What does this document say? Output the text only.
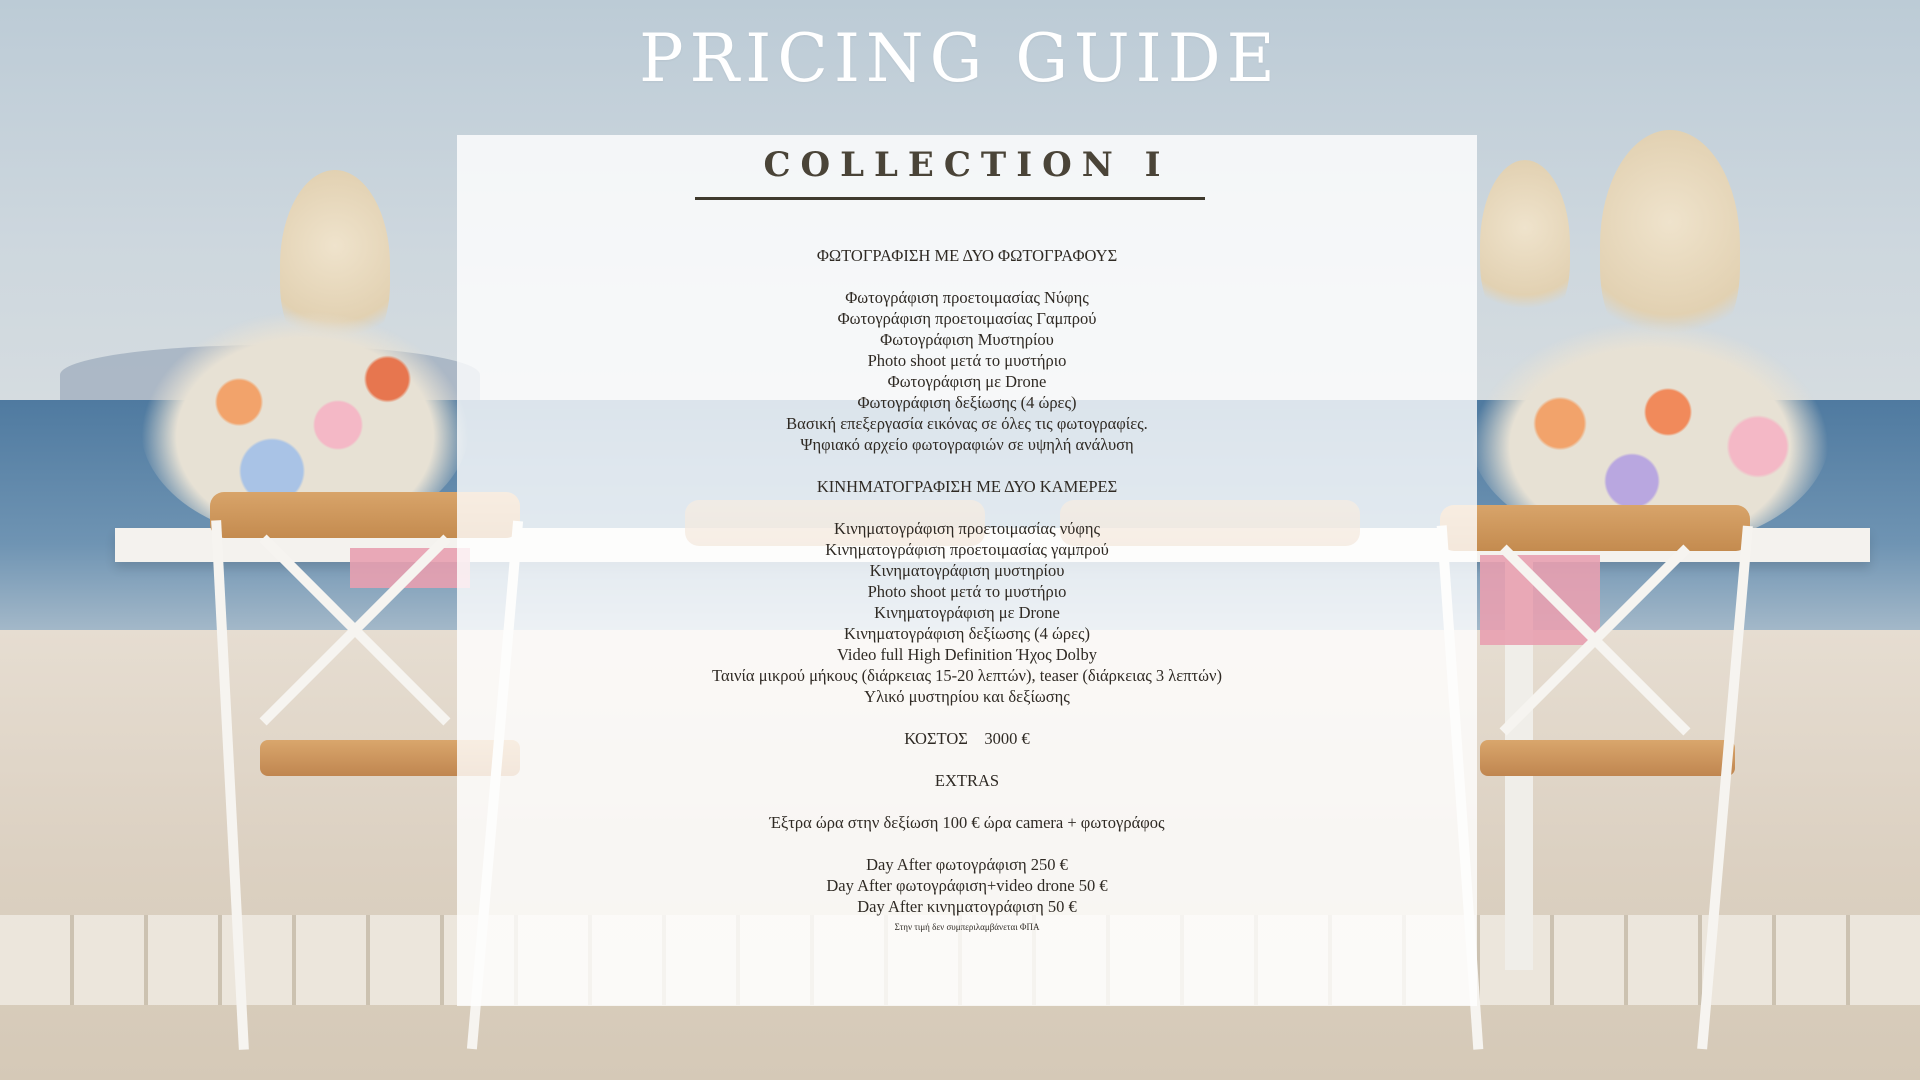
PRICING GUIDE
COLLECTION I
ΦΩΤΟΓΡΑΦΙΣΗ ΜΕ ΔΥΟ ΦΩΤΟΓΡΑΦΟΥΣ
Φωτογράφιση προετοιμασίας Νύφης
Φωτογράφιση προετοιμασίας Γαμπρού
Φωτογράφιση Μυστηρίου
Photo shoot μετά το μυστήριο
Φωτογράφιση με Drone
Φωτογράφιση δεξίωσης (4 ώρες)
Βασική επεξεργασία εικόνας σε όλες τις φωτογραφίες.
Ψηφιακό αρχείο φωτογραφιών σε υψηλή ανάλυση
ΚΙΝΗΜΑΤΟΓΡΑΦΙΣΗ ΜΕ ΔΥΟ ΚΑΜΕΡΕΣ
Κινηματογράφιση προετοιμασίας νύφης
Κινηματογράφιση προετοιμασίας γαμπρού
Κινηματογράφιση μυστηρίου
Photo shoot μετά το μυστήριο
Κινηματογράφιση με Drone
Κινηματογράφιση δεξίωσης (4 ώρες)
Video full High Definition Ήχος Dolby
Ταινία μικρού μήκους (διάρκειας 15-20 λεπτών), teaser (διάρκειας 3 λεπτών)
Υλικό μυστηρίου και δεξίωσης
ΚΟΣΤΟΣ    3000 €
EXTRAS
Έξτρα ώρα στην δεξίωση 100 € ώρα camera + φωτογράφος
Day After φωτογράφιση 250 €
Day After φωτογράφιση+video drone 50 €
Day After κινηματογράφιση 50 €
Στην τιμή δεν συμπεριλαμβάνεται ΦΠΑ
